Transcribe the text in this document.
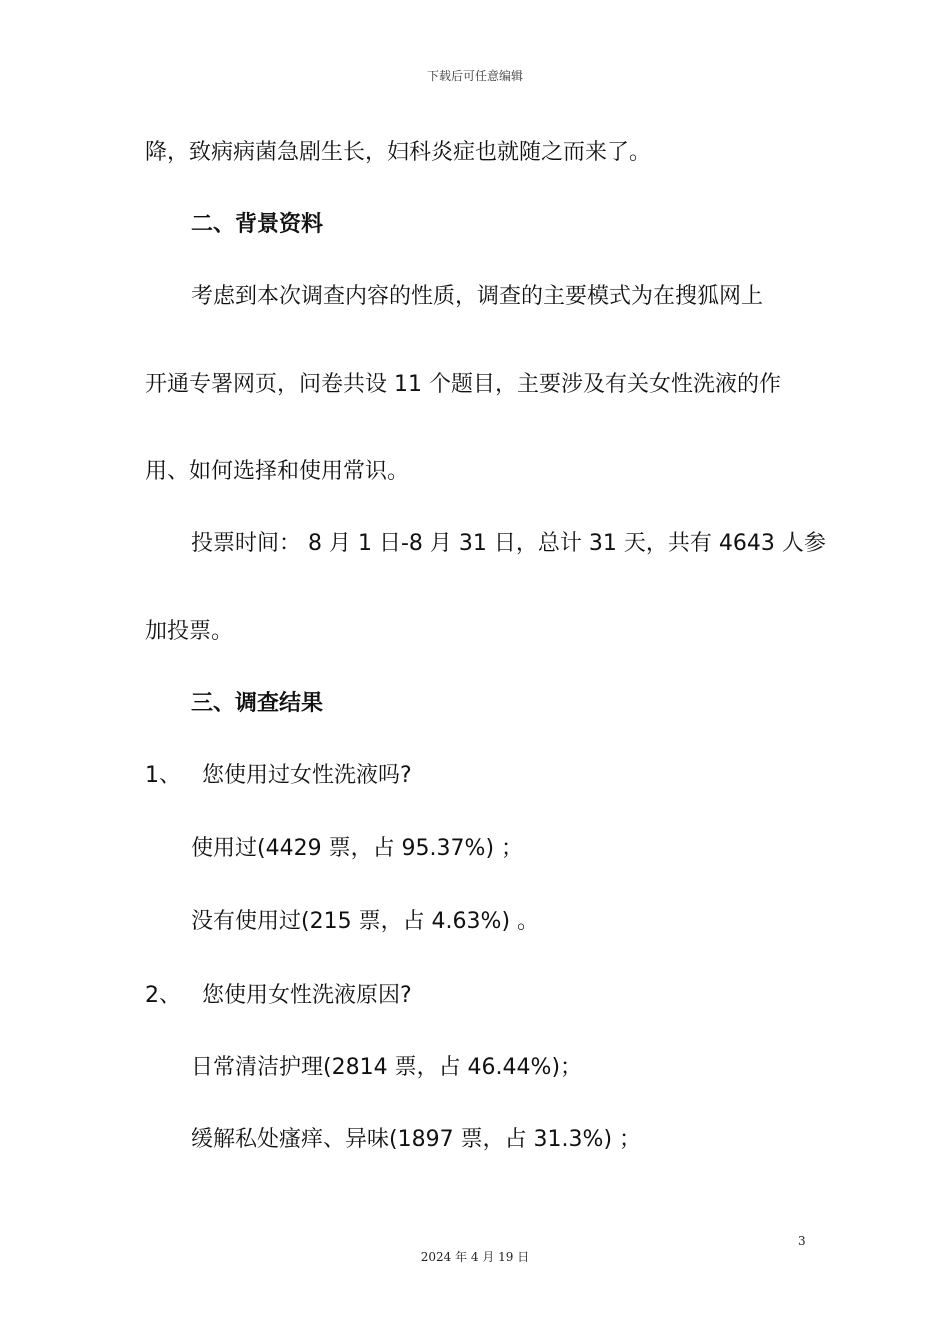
下载后可任意编辑
降，致病病菌急剧生长，妇科炎症也就随之而来了。
二、背景资料
考虑到本次调查内容的性质，调查的主要模式为在搜狐网上
开通专署网页，问卷共设 11 个题目，主要涉及有关女性洗液的作
用、如何选择和使用常识。
投票时间： 8 月 1 日-8 月 31 日，总计 31 天，共有 4643 人参
加投票。
三、调查结果
1、 您使用过女性洗液吗?
使用过(4429 票，占 95.37%) ；
没有使用过(215 票，占 4.63%) 。
2、 您使用女性洗液原因?
日常清洁护理(2814 票，占 46.44%)；
缓解私处瘙痒、异味(1897 票，占 31.3%) ；
3
2024 年 4 月 19 日
